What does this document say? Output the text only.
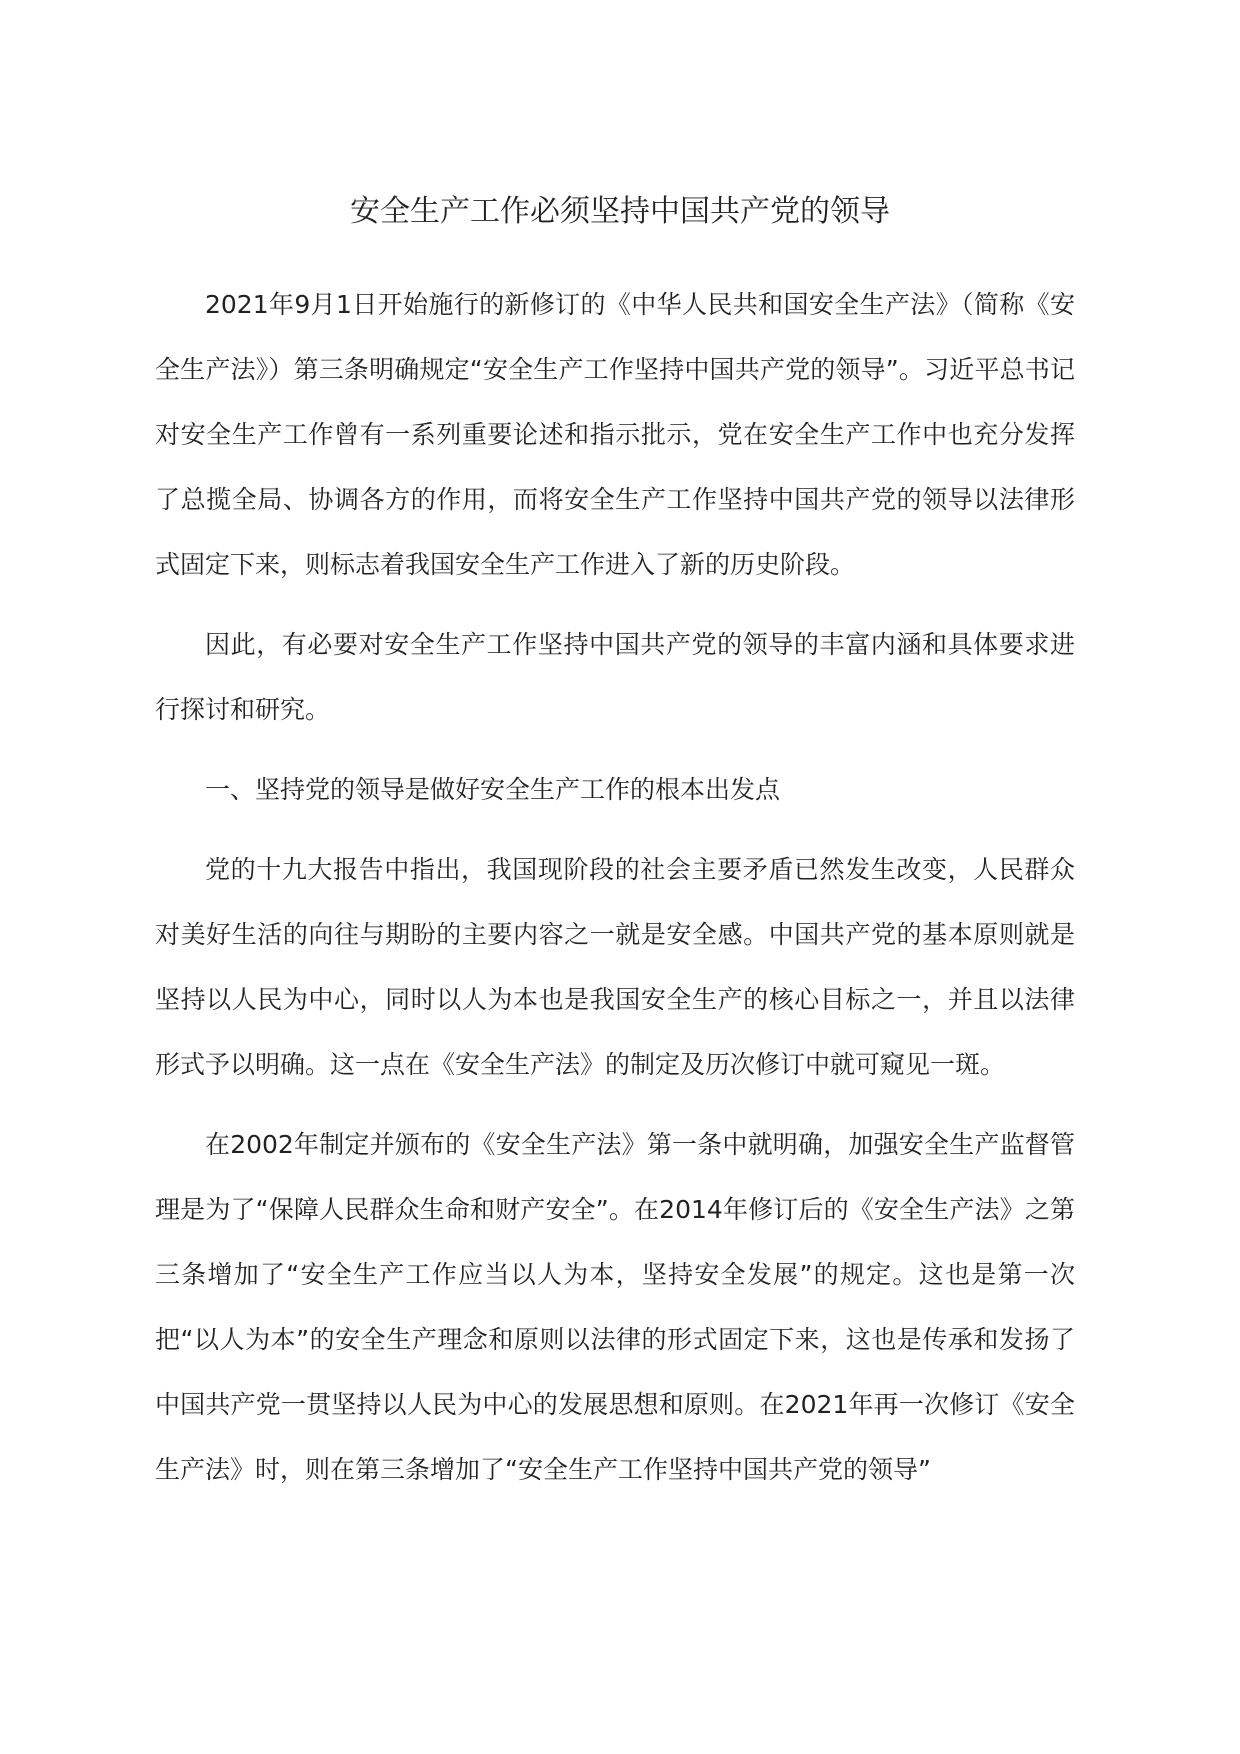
安全生产工作必须坚持中国共产党的领导

2021年9月1日开始施行的新修订的《中华人民共和国安全生产法》（简称《安全生产法》）第三条明确规定“安全生产工作坚持中国共产党的领导”。习近平总书记对安全生产工作曾有一系列重要论述和指示批示，党在安全生产工作中也充分发挥了总揽全局、协调各方的作用，而将安全生产工作坚持中国共产党的领导以法律形式固定下来，则标志着我国安全生产工作进入了新的历史阶段。

因此，有必要对安全生产工作坚持中国共产党的领导的丰富内涵和具体要求进行探讨和研究。

一、坚持党的领导是做好安全生产工作的根本出发点

党的十九大报告中指出，我国现阶段的社会主要矛盾已然发生改变，人民群众对美好生活的向往与期盼的主要内容之一就是安全感。中国共产党的基本原则就是坚持以人民为中心，同时以人为本也是我国安全生产的核心目标之一，并且以法律形式予以明确。这一点在《安全生产法》的制定及历次修订中就可窥见一斑。

在2002年制定并颁布的《安全生产法》第一条中就明确，加强安全生产监督管理是为了“保障人民群众生命和财产安全”。在2014年修订后的《安全生产法》之第三条增加了“安全生产工作应当以人为本，坚持安全发展”的规定。这也是第一次把“以人为本”的安全生产理念和原则以法律的形式固定下来，这也是传承和发扬了中国共产党一贯坚持以人民为中心的发展思想和原则。在2021年再一次修订《安全生产法》时，则在第三条增加了“安全生产工作坚持中国共产党的领导”
